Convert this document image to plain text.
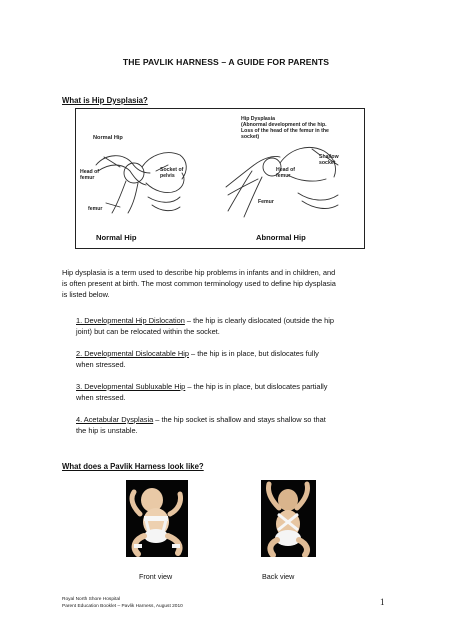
THE PAVLIK HARNESS – A GUIDE FOR PARENTS
What is Hip Dysplasia?
Normal Hip
Head of
femur
Socket of
pelvis
femur
Hip Dysplasia
(Abnormal development of the hip.
Loss of the head of the femur in the
socket)
Shallow
socket
Head of
femur
Femur
Normal Hip	Abnormal Hip
Hip dysplasia is a term used to describe hip problems in infants and in children, and
is often present at birth. The most common terminology used to define hip dysplasia
is listed below.
1. Developmental Hip Dislocation – the hip is clearly dislocated (outside the hip
joint) but can be relocated within the socket.
2. Developmental Dislocatable Hip – the hip is in place, but dislocates fully
when stressed.
3. Developmental Subluxable Hip – the hip is in place, but dislocates partially
when stressed.
4. Acetabular Dysplasia – the hip socket is shallow and stays shallow so that
the hip is unstable.
What does a Pavlik Harness look like?
Front view	Back view
Royal North Shore Hospital
Parent Education Booklet – Pavlik Harness, August 2010	1
